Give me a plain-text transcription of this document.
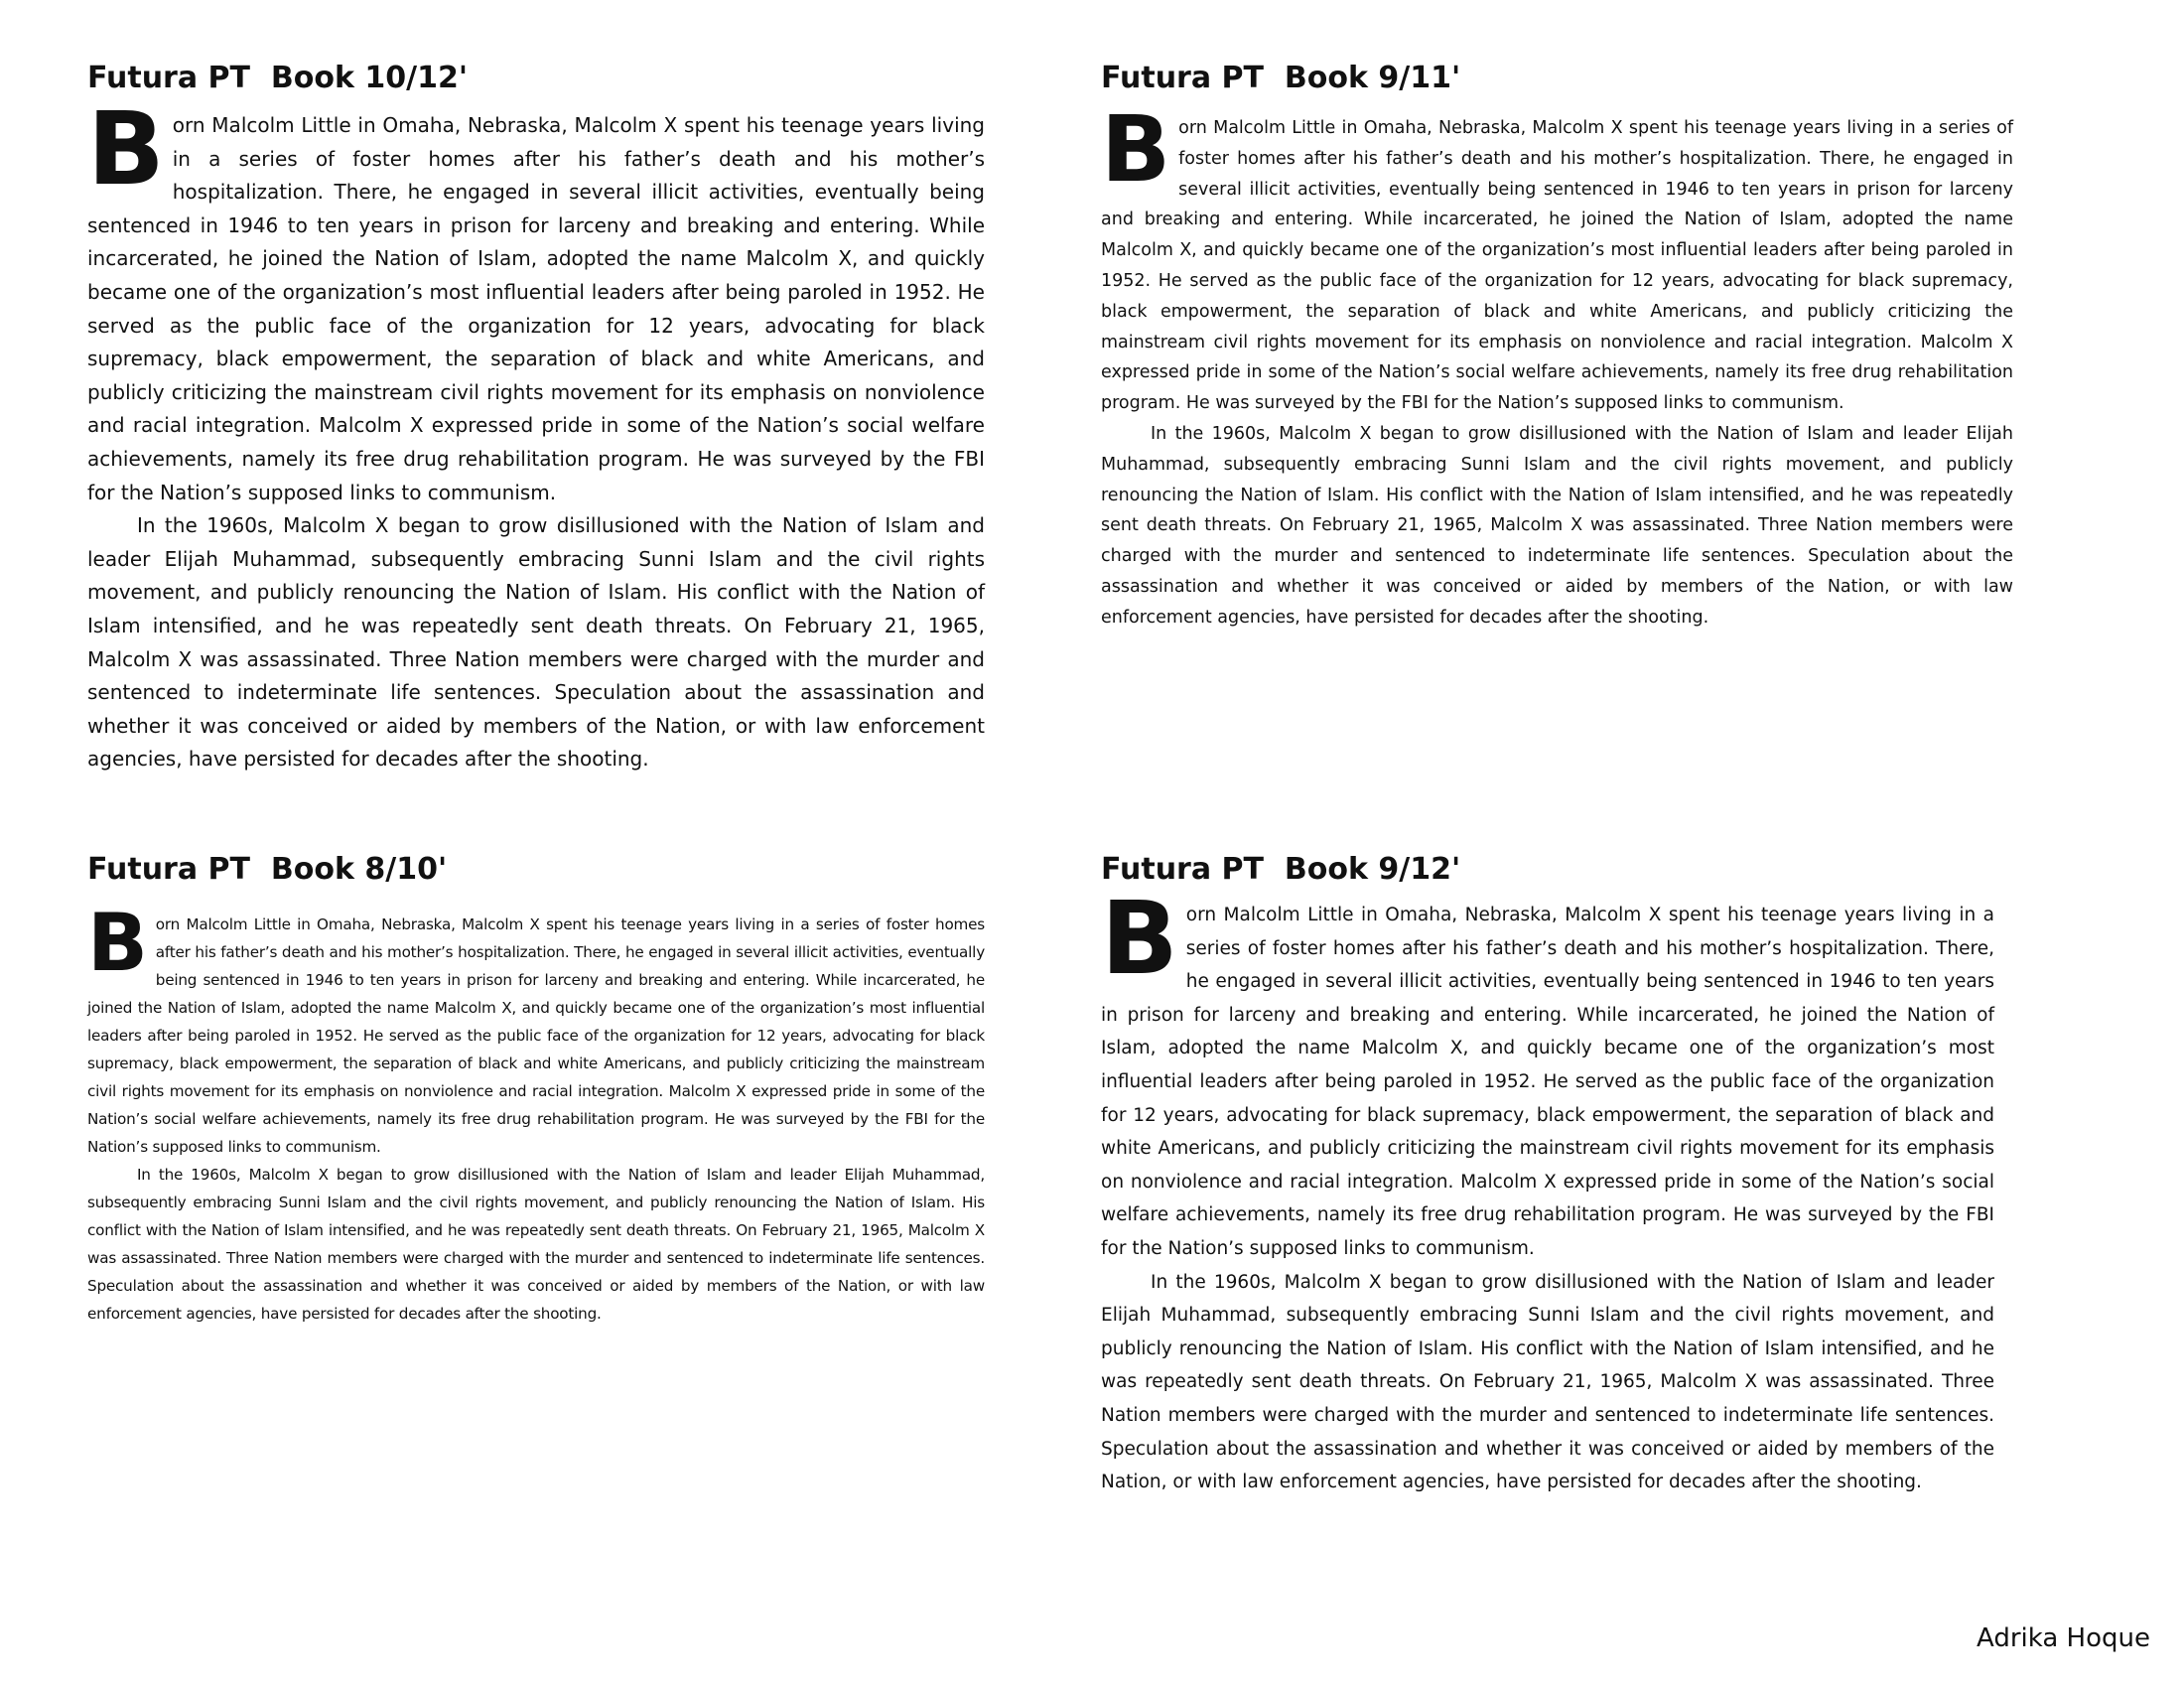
Futura PT  Book 10/12'

Born Malcolm Little in Omaha, Nebraska, Malcolm X spent his teenage years living in a series of foster homes after his father’s death and his mother’s hospitalization. There, he engaged in several illicit activities, eventually being sentenced in 1946 to ten years in prison for larceny and breaking and entering. While incarcerated, he joined the Nation of Islam, adopted the name Malcolm X, and quickly became one of the organization’s most influential leaders after being paroled in 1952. He served as the public face of the organization for 12 years, advocating for black supremacy, black empowerment, the separation of black and white Americans, and publicly criticizing the mainstream civil rights movement for its emphasis on nonviolence and racial integration. Malcolm X expressed pride in some of the Nation’s social welfare achievements, namely its free drug rehabilitation program. He was surveyed by the FBI for the Nation’s supposed links to communism.

In the 1960s, Malcolm X began to grow disillusioned with the Nation of Islam and leader Elijah Muhammad, subsequently embracing Sunni Islam and the civil rights movement, and publicly renouncing the Nation of Islam. His conflict with the Nation of Islam intensified, and he was repeatedly sent death threats. On February 21, 1965, Malcolm X was assassinated. Three Nation members were charged with the murder and sentenced to indeterminate life sentences. Speculation about the assassination and whether it was conceived or aided by members of the Nation, or with law enforcement agencies, have persisted for decades after the shooting.

Futura PT  Book 9/11'

Born Malcolm Little in Omaha, Nebraska, Malcolm X spent his teenage years living in a series of foster homes after his father’s death and his mother’s hospitalization. There, he engaged in several illicit activities, eventually being sentenced in 1946 to ten years in prison for larceny and breaking and entering. While incarcerated, he joined the Nation of Islam, adopted the name Malcolm X, and quickly became one of the organization’s most influential leaders after being paroled in 1952. He served as the public face of the organization for 12 years, advocating for black supremacy, black empowerment, the separation of black and white Americans, and publicly criticizing the mainstream civil rights movement for its emphasis on nonviolence and racial integration. Malcolm X expressed pride in some of the Nation’s social welfare achievements, namely its free drug rehabilitation program. He was surveyed by the FBI for the Nation’s supposed links to communism.

In the 1960s, Malcolm X began to grow disillusioned with the Nation of Islam and leader Elijah Muhammad, subsequently embracing Sunni Islam and the civil rights movement, and publicly renouncing the Nation of Islam. His conflict with the Nation of Islam intensified, and he was repeatedly sent death threats. On February 21, 1965, Malcolm X was assassinated. Three Nation members were charged with the murder and sentenced to indeterminate life sentences. Speculation about the assassination and whether it was conceived or aided by members of the Nation, or with law enforcement agencies, have persisted for decades after the shooting.

Futura PT  Book 8/10'

Born Malcolm Little in Omaha, Nebraska, Malcolm X spent his teenage years living in a series of foster homes after his father’s death and his mother’s hospitalization. There, he engaged in several illicit activities, eventually being sentenced in 1946 to ten years in prison for larceny and breaking and entering. While incarcerated, he joined the Nation of Islam, adopted the name Malcolm X, and quickly became one of the organization’s most influential leaders after being paroled in 1952. He served as the public face of the organization for 12 years, advocating for black supremacy, black empowerment, the separation of black and white Americans, and publicly criticizing the mainstream civil rights movement for its emphasis on nonviolence and racial integration. Malcolm X expressed pride in some of the Nation’s social welfare achievements, namely its free drug rehabilitation program. He was surveyed by the FBI for the Nation’s supposed links to communism.

In the 1960s, Malcolm X began to grow disillusioned with the Nation of Islam and leader Elijah Muhammad, subsequently embracing Sunni Islam and the civil rights movement, and publicly renouncing the Nation of Islam. His conflict with the Nation of Islam intensified, and he was repeatedly sent death threats. On February 21, 1965, Malcolm X was assassinated. Three Nation members were charged with the murder and sentenced to indeterminate life sentences. Speculation about the assassination and whether it was conceived or aided by members of the Nation, or with law enforcement agencies, have persisted for decades after the shooting.

Futura PT  Book 9/12'

Born Malcolm Little in Omaha, Nebraska, Malcolm X spent his teenage years living in a series of foster homes after his father’s death and his mother’s hospitalization. There, he engaged in several illicit activities, eventually being sentenced in 1946 to ten years in prison for larceny and breaking and entering. While incarcerated, he joined the Nation of Islam, adopted the name Malcolm X, and quickly became one of the organization’s most influential leaders after being paroled in 1952. He served as the public face of the organization for 12 years, advocating for black supremacy, black empowerment, the separation of black and white Americans, and publicly criticizing the mainstream civil rights movement for its emphasis on nonviolence and racial integration. Malcolm X expressed pride in some of the Nation’s social welfare achievements, namely its free drug rehabilitation program. He was surveyed by the FBI for the Nation’s supposed links to communism.

In the 1960s, Malcolm X began to grow disillusioned with the Nation of Islam and leader Elijah Muhammad, subsequently embracing Sunni Islam and the civil rights movement, and publicly renouncing the Nation of Islam. His conflict with the Nation of Islam intensified, and he was repeatedly sent death threats. On February 21, 1965, Malcolm X was assassinated. Three Nation members were charged with the murder and sentenced to indeterminate life sentences. Speculation about the assassination and whether it was conceived or aided by members of the Nation, or with law enforcement agencies, have persisted for decades after the shooting.

Adrika Hoque
